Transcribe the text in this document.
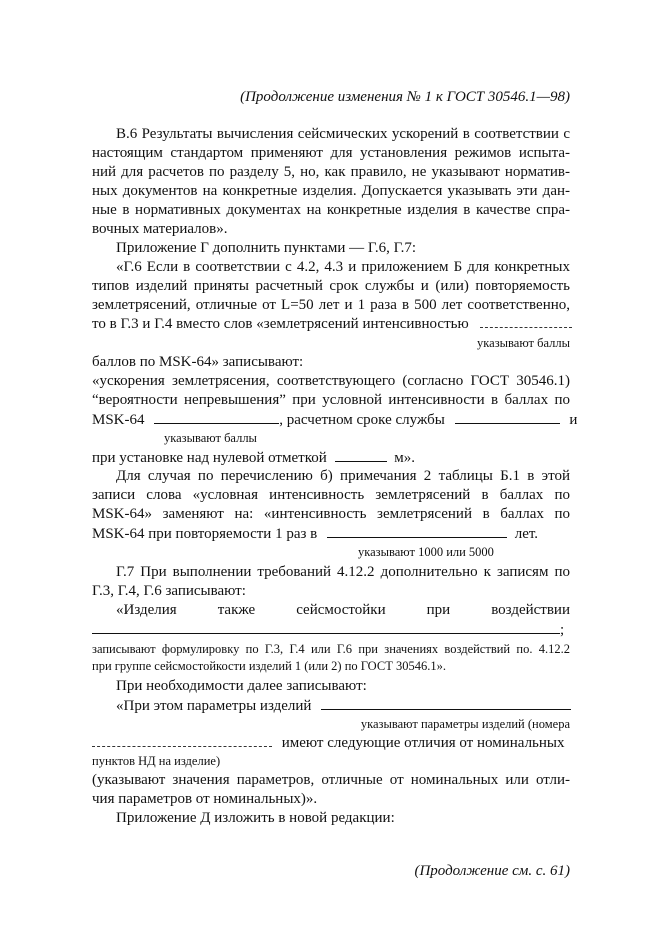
(Продолжение изменения № 1 к ГОСТ 30546.1—98)
В.6 Результаты вычисления сейсмических ускорений в соответствии с
настоящим стандартом применяют для установления режимов испыта-
ний для расчетов по разделу 5, но, как правило, не указывают норматив-
ных документов на конкретные изделия. Допускается указывать эти дан-
ные в нормативных документах на конкретные изделия в качестве спра-
вочных материалов».
Приложение Г дополнить пунктами — Г.6, Г.7:
«Г.6 Если в соответствии с 4.2, 4.3 и приложением Б для конкретных
типов изделий приняты расчетный срок службы и (или) повторяемость
землетрясений, отличные от L=50 лет и 1 раза в 500 лет соответственно,
то в Г.3 и Г.4 вместо слов «землетрясений интенсивностью
указывают баллы
баллов по MSK-64» записывают:
«ускорения землетрясения, соответствующего (согласно ГОСТ 30546.1)
“вероятности непревышения” при условной интенсивности в баллах по
MSK-64	, расчетном сроке службы	и
указывают баллы
при установке над нулевой отметкой	м».
Для случая по перечислению б) примечания 2 таблицы Б.1 в этой
записи слова «условная интенсивность землетрясений в баллах по
MSK-64» заменяют на: «интенсивность землетрясений в баллах по
MSK-64 при повторяемости 1 раз в	лет.
указывают 1000 или 5000
Г.7 При выполнении требований 4.12.2 дополнительно к записям по
Г.3, Г.4, Г.6 записывают:
«Изделия также сейсмостойки при воздействии
;
записывают формулировку по Г.3, Г.4 или Г.6 при значениях воздействий по. 4.12.2
при группе сейсмостойкости изделий 1 (или 2) по ГОСТ 30546.1».
При необходимости далее записывают:
«При этом параметры изделий
указывают параметры изделий (номера
имеют следующие отличия от номинальных
пунктов НД на изделие)
(указывают значения параметров, отличные от номинальных или отли-
чия параметров от номинальных)».
Приложение Д изложить в новой редакции:
(Продолжение см. с. 61)
